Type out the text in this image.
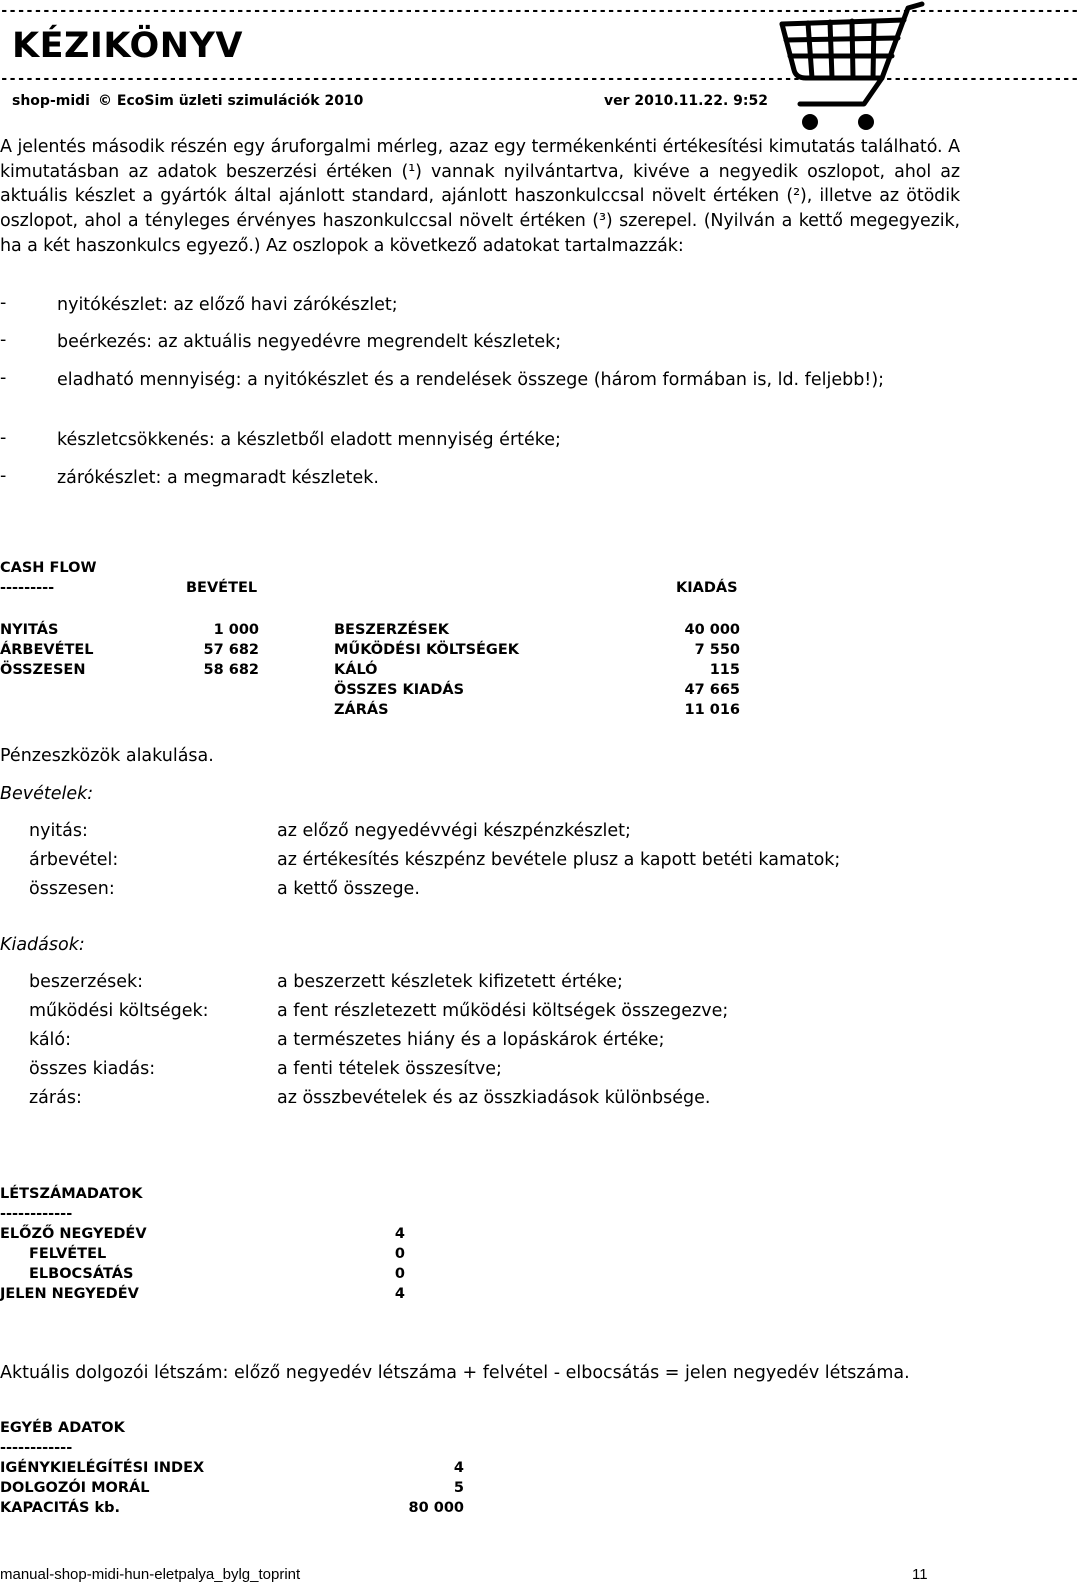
--------------------------------------------------------------------------------------------------------------------------------
KÉZIKÖNYV
--------------------------------------------------------------------------------------------------------------------------------
shop-midi © EcoSim üzleti szimulációk 2010	ver 2010.11.22. 9:52
A jelentés második részén egy áruforgalmi mérleg, azaz egy termékenkénti értékesítési kimutatás található. A kimutatásban az adatok beszerzési értéken (¹) vannak nyilvántartva, kivéve a negyedik oszlopot, ahol az aktuális készlet a gyártók által ajánlott standard, ajánlott haszonkulccsal növelt értéken (²), illetve az ötödik oszlopot, ahol a tényleges érvényes haszonkulccsal növelt értéken (³) szerepel. (Nyilván a kettő megegyezik, ha a két haszonkulcs egyező.) Az oszlopok a következő adatokat tartalmazzák:
-	nyitókészlet: az előző havi zárókészlet;
-	beérkezés: az aktuális negyedévre megrendelt készletek;
-	eladható mennyiség: a nyitókészlet és a rendelések összege (három formában is, ld. feljebb!);
-	készletcsökkenés: a készletből eladott mennyiség értéke;
-	zárókészlet: a megmaradt készletek.
CASH FLOW
---------	BEVÉTEL	KIADÁS
NYITÁS	1 000
ÁRBEVÉTEL	57 682
ÖSSZESEN	58 682
BESZERZÉSEK	40 000
MŰKÖDÉSI KÖLTSÉGEK	7 550
KÁLÓ	115
ÖSSZES KIADÁS	47 665
ZÁRÁS	11 016
Pénzeszközök alakulása.
Bevételek:
nyitás:	az előző negyedévvégi készpénzkészlet;
árbevétel:	az értékesítés készpénz bevétele plusz a kapott betéti kamatok;
összesen:	a kettő összege.
Kiadások:
beszerzések:	a beszerzett készletek kifizetett értéke;
működési költségek:	a fent részletezett működési költségek összegezve;
káló:	a természetes hiány és a lopáskárok értéke;
összes kiadás:	a fenti tételek összesítve;
zárás:	az összbevételek és az összkiadások különbsége.
LÉTSZÁMADATOK
------------
ELŐZŐ NEGYEDÉV	4
FELVÉTEL	0
ELBOCSÁTÁS	0
JELEN NEGYEDÉV	4
Aktuális dolgozói létszám: előző negyedév létszáma + felvétel - elbocsátás = jelen negyedév létszáma.
EGYÉB ADATOK
------------
IGÉNYKIELÉGÍTÉSI INDEX	4
DOLGOZÓI MORÁL	5
KAPACITÁS kb.	80 000
manual-shop-midi-hun-eletpalya_bylg_toprint	11
